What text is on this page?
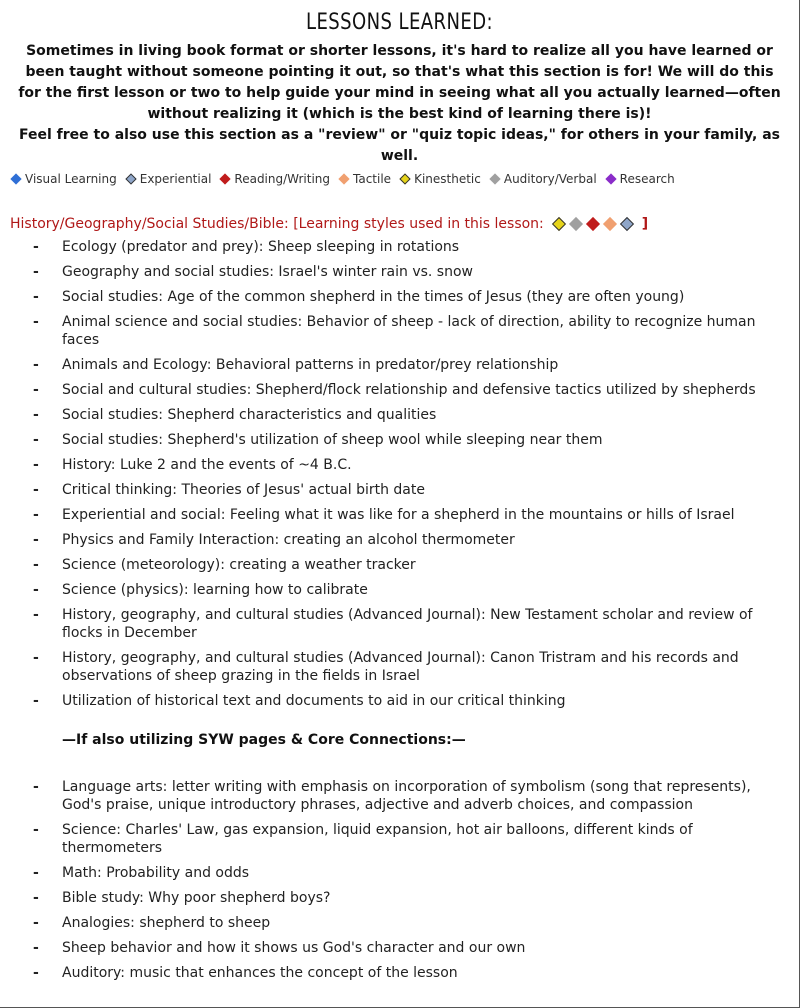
LESSONS LEARNED:

Sometimes in living book format or shorter lessons, it's hard to realize all you have learned or been taught without someone pointing it out, so that's what this section is for! We will do this for the first lesson or two to help guide your mind in seeing what all you actually learned—often without realizing it (which is the best kind of learning there is)!

Feel free to also use this section as a "review" or "quiz topic ideas," for others in your family, as well.

Visual Learning Experiential Reading/Writing Tactile Kinesthetic Auditory/Verbal Research
History/Geography/Social Studies/Bible: [Learning styles used in this lesson:	]
- Ecology (predator and prey): Sheep sleeping in rotations
- Geography and social studies: Israel's winter rain vs. snow
- Social studies: Age of the common shepherd in the times of Jesus (they are often young)
- Animal science and social studies: Behavior of sheep - lack of direction, ability to recognize human faces
- Animals and Ecology: Behavioral patterns in predator/prey relationship
- Social and cultural studies: Shepherd/flock relationship and defensive tactics utilized by shepherds
- Social studies: Shepherd characteristics and qualities
- Social studies: Shepherd's utilization of sheep wool while sleeping near them
- History: Luke 2 and the events of ~4 B.C.
- Critical thinking: Theories of Jesus' actual birth date
- Experiential and social: Feeling what it was like for a shepherd in the mountains or hills of Israel
- Physics and Family Interaction: creating an alcohol thermometer
- Science (meteorology): creating a weather tracker
- Science (physics): learning how to calibrate
- History, geography, and cultural studies (Advanced Journal): New Testament scholar and review of flocks in December
- History, geography, and cultural studies (Advanced Journal): Canon Tristram and his records and observations of sheep grazing in the fields in Israel
- Utilization of historical text and documents to aid in our critical thinking
—If also utilizing SYW pages & Core Connections:—
- Language arts: letter writing with emphasis on incorporation of symbolism (song that represents), God's praise, unique introductory phrases, adjective and adverb choices, and compassion
- Science: Charles' Law, gas expansion, liquid expansion, hot air balloons, different kinds of thermometers
- Math: Probability and odds
- Bible study: Why poor shepherd boys?
- Analogies: shepherd to sheep
- Sheep behavior and how it shows us God's character and our own
- Auditory: music that enhances the concept of the lesson
